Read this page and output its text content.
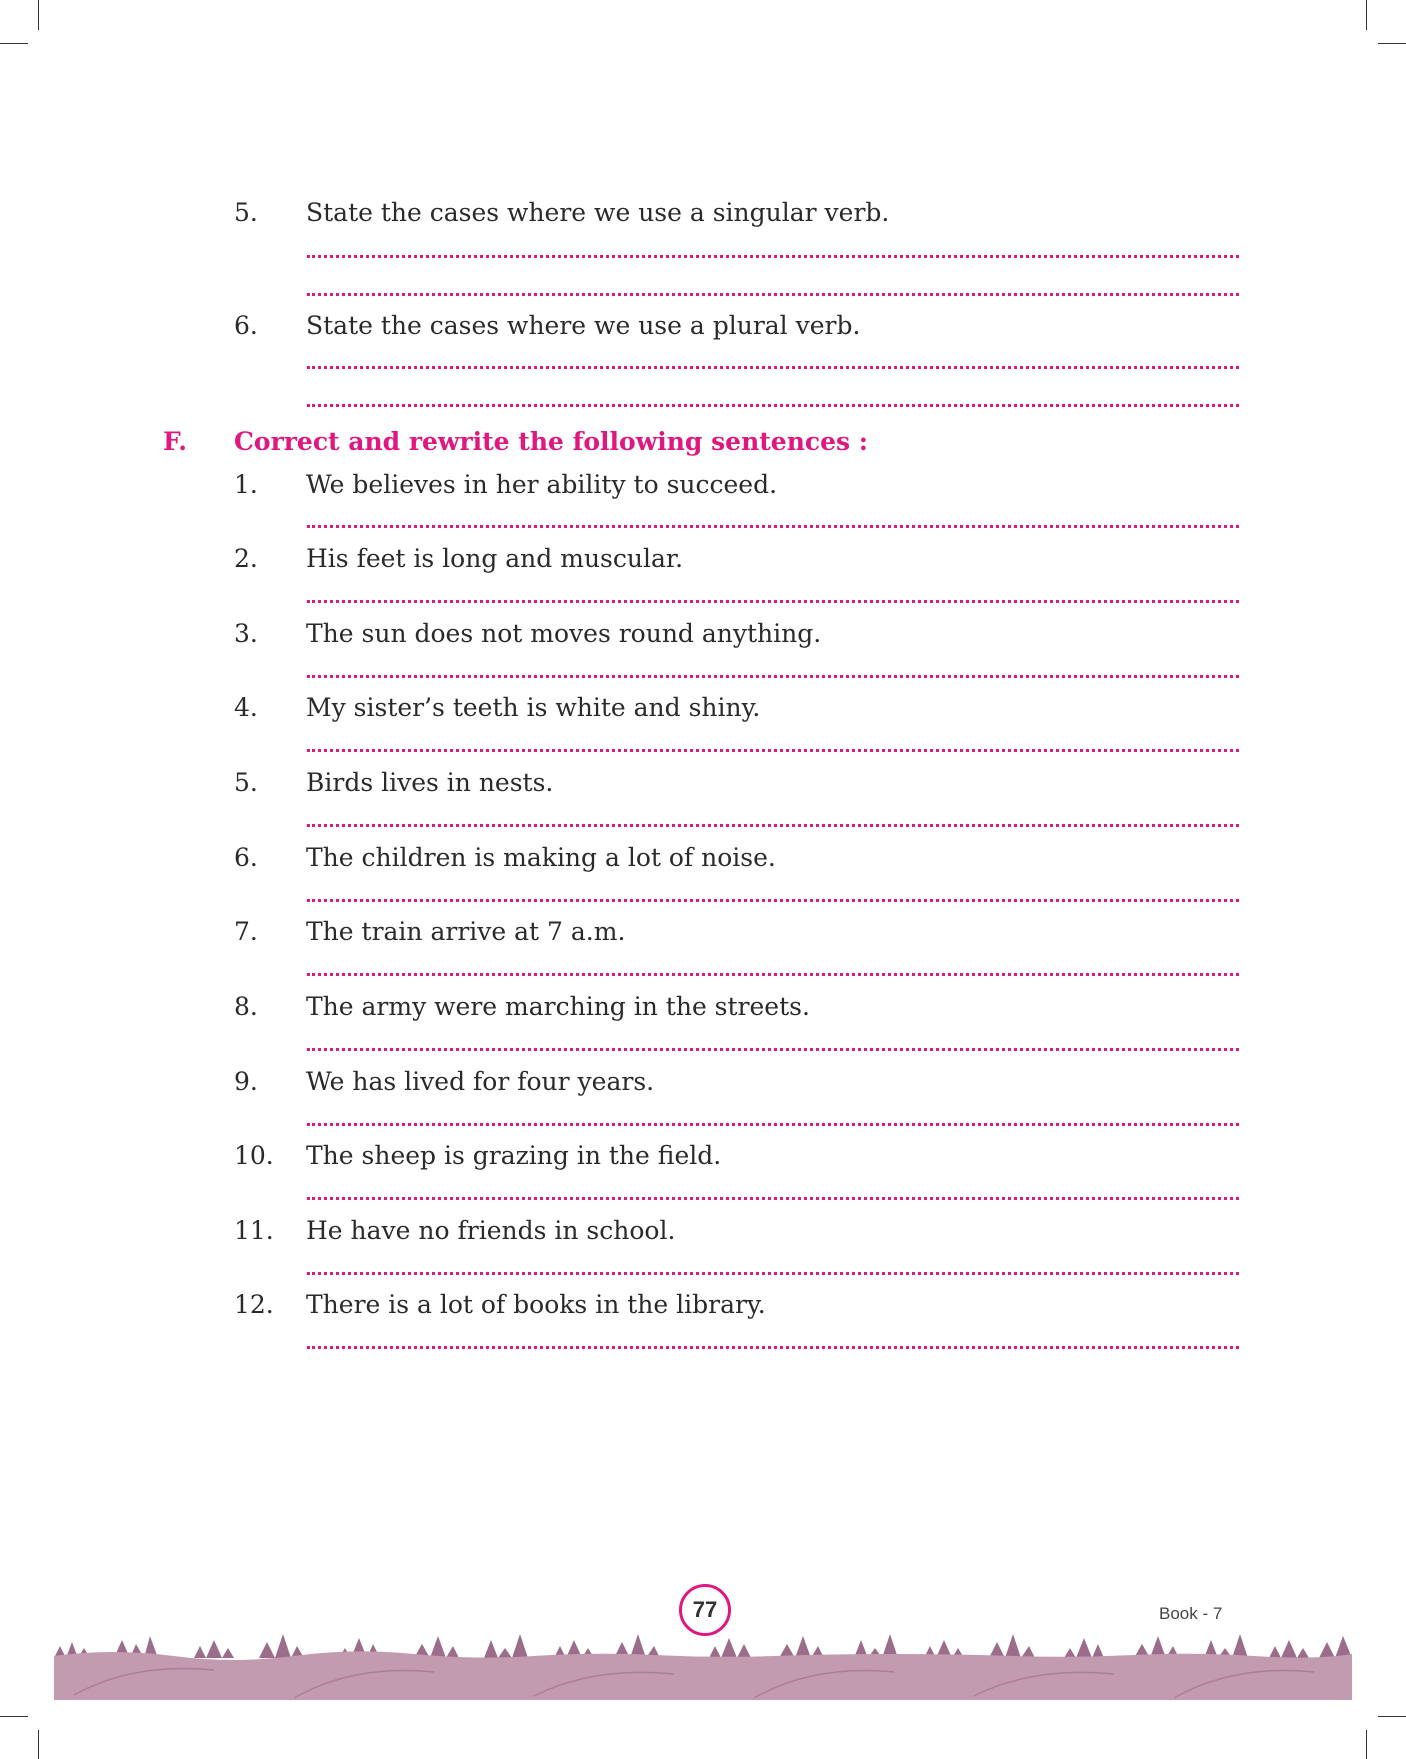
5. State the cases where we use a singular verb.
6. State the cases where we use a plural verb.
F. Correct and rewrite the following sentences :
1. We believes in her ability to succeed.
2. His feet is long and muscular.
3. The sun does not moves round anything.
4. My sister’s teeth is white and shiny.
5. Birds lives in nests.
6. The children is making a lot of noise.
7. The train arrive at 7 a.m.
8. The army were marching in the streets.
9. We has lived for four years.
10. The sheep is grazing in the field.
11. He have no friends in school.
12. There is a lot of books in the library.
77	Book - 7
